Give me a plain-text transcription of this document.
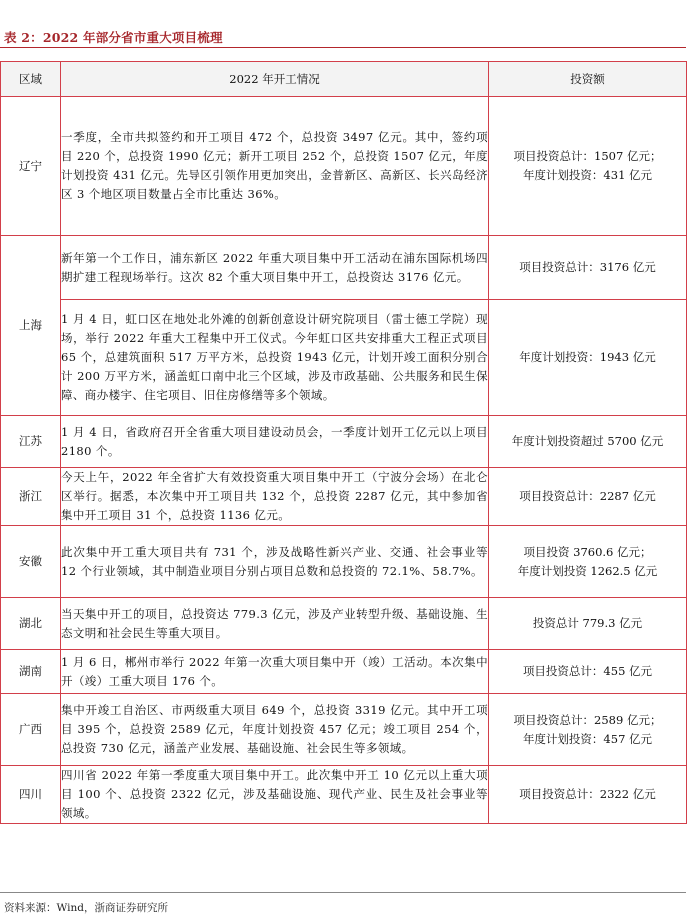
表 2：2022 年部分省市重大项目梳理
区域	2022 年开工情况	投资额
辽宁	一季度，全市共拟签约和开工项目 472 个，总投资 3497 亿元。其中，签约项目 220 个，总投资 1990 亿元；新开工项目 252 个，总投资 1507 亿元，年度计划投资 431 亿元。先导区引领作用更加突出，金普新区、高新区、长兴岛经济区 3 个地区项目数量占全市比重达 36%。	项目投资总计：1507 亿元；
年度计划投资：431 亿元

上海	新年第一个工作日，浦东新区 2022 年重大项目集中开工活动在浦东国际机场四期扩建工程现场举行。这次 82 个重大项目集中开工，总投资达 3176 亿元。	项目投资总计：3176 亿元

	1 月 4 日，虹口区在地处北外滩的创新创意设计研究院项目（雷士德工学院）现场，举行 2022 年重大工程集中开工仪式。今年虹口区共安排重大工程正式项目 65 个，总建筑面积 517 万平方米，总投资 1943 亿元，计划开竣工面积分别合计 200 万平方米，涵盖虹口南中北三个区域，涉及市政基础、公共服务和民生保障、商办楼宇、住宅项目、旧住房修缮等多个领域。	年度计划投资：1943 亿元

江苏	1 月 4 日，省政府召开全省重大项目建设动员会，一季度计划开工亿元以上项目 2180 个。	年度计划投资超过 5700 亿元

浙江	今天上午，2022 年全省扩大有效投资重大项目集中开工（宁波分会场）在北仑区举行。据悉，本次集中开工项目共 132 个，总投资 2287 亿元，其中参加省集中开工项目 31 个，总投资 1136 亿元。	项目投资总计：2287 亿元

安徽	此次集中开工重大项目共有 731 个，涉及战略性新兴产业、交通、社会事业等 12 个行业领域，其中制造业项目分别占项目总数和总投资的 72.1%、58.7%。	项目投资 3760.6 亿元；
年度计划投资 1262.5 亿元

湖北	当天集中开工的项目，总投资达 779.3 亿元，涉及产业转型升级、基础设施、生态文明和社会民生等重大项目。	投资总计 779.3 亿元

湖南	1 月 6 日，郴州市举行 2022 年第一次重大项目集中开（竣）工活动。本次集中开（竣）工重大项目 176 个。	项目投资总计：455 亿元

广西	集中开竣工自治区、市两级重大项目 649 个，总投资 3319 亿元。其中开工项目 395 个，总投资 2589 亿元，年度计划投资 457 亿元；竣工项目 254 个，总投资 730 亿元，涵盖产业发展、基础设施、社会民生等多领域。	项目投资总计：2589 亿元；
年度计划投资：457 亿元

四川	四川省 2022 年第一季度重大项目集中开工。此次集中开工 10 亿元以上重大项目 100 个、总投资 2322 亿元，涉及基础设施、现代产业、民生及社会事业等领域。	项目投资总计：2322 亿元
资料来源：Wind，浙商证券研究所
